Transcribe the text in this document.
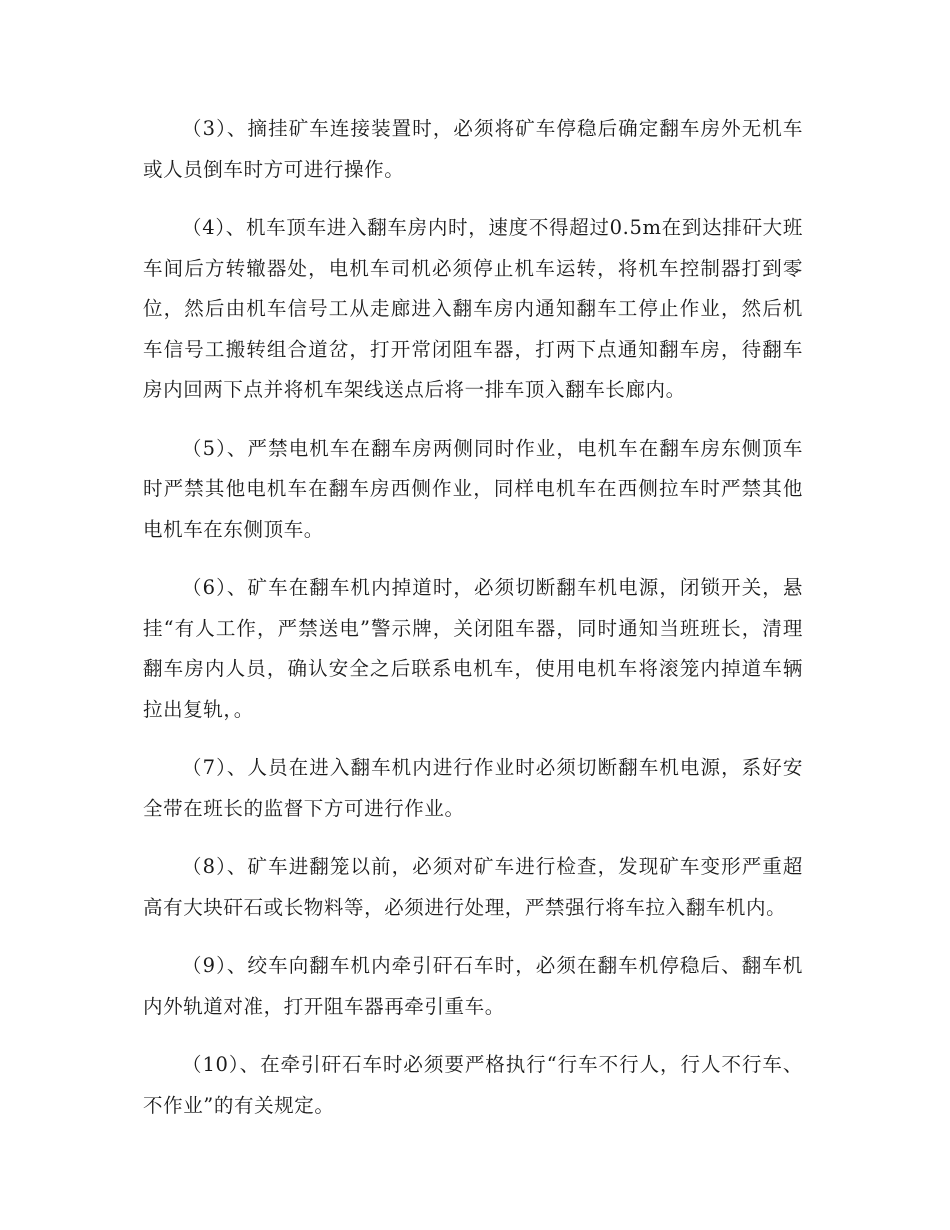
（3）、摘挂矿车连接装置时，必须将矿车停稳后确定翻车房外无机车或人员倒车时方可进行操作。

（4）、机车顶车进入翻车房内时，速度不得超过0.5m在到达排矸大班车间后方转辙器处，电机车司机必须停止机车运转，将机车控制器打到零位，然后由机车信号工从走廊进入翻车房内通知翻车工停止作业，然后机车信号工搬转组合道岔，打开常闭阻车器，打两下点通知翻车房，待翻车房内回两下点并将机车架线送点后将一排车顶入翻车长廊内。

（5）、严禁电机车在翻车房两侧同时作业，电机车在翻车房东侧顶车时严禁其他电机车在翻车房西侧作业，同样电机车在西侧拉车时严禁其他电机车在东侧顶车。

（6）、矿车在翻车机内掉道时，必须切断翻车机电源，闭锁开关，悬挂“有人工作，严禁送电”警示牌，关闭阻车器，同时通知当班班长，清理翻车房内人员，确认安全之后联系电机车，使用电机车将滚笼内掉道车辆拉出复轨，。

（7）、人员在进入翻车机内进行作业时必须切断翻车机电源，系好安全带在班长的监督下方可进行作业。

（8）、矿车进翻笼以前，必须对矿车进行检查，发现矿车变形严重超高有大块矸石或长物料等，必须进行处理，严禁强行将车拉入翻车机内。

（9）、绞车向翻车机内牵引矸石车时，必须在翻车机停稳后、翻车机内外轨道对准，打开阻车器再牵引重车。

（10）、在牵引矸石车时必须要严格执行“行车不行人，行人不行车、不作业”的有关规定。
